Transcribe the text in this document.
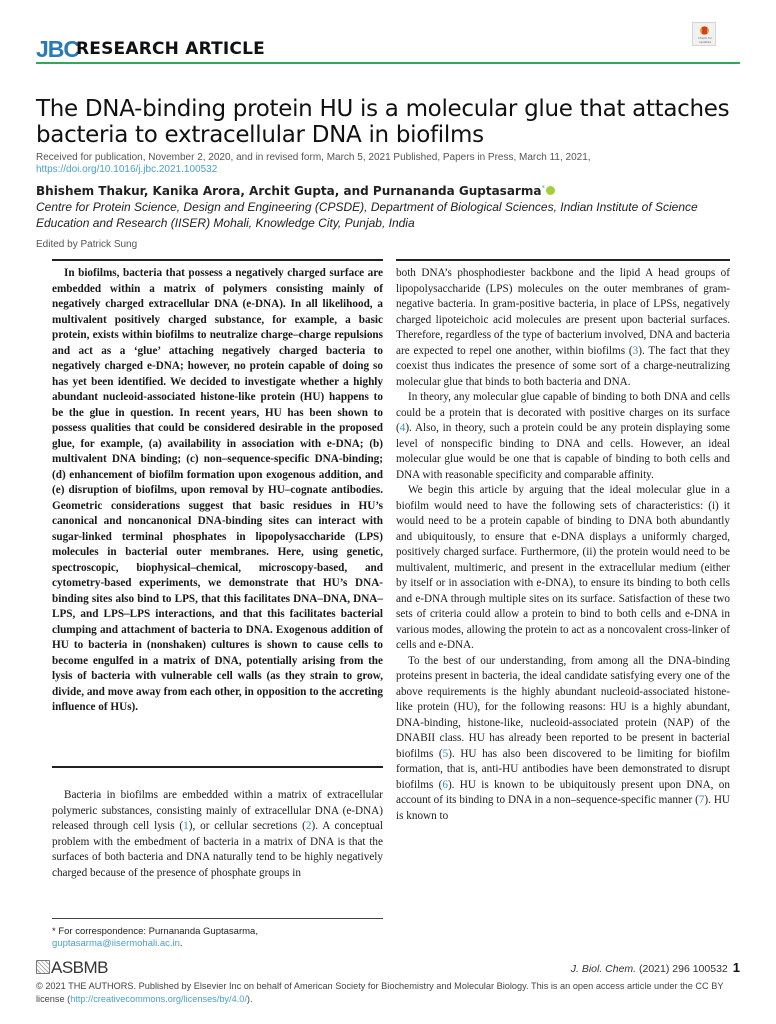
JBC
RESEARCH ARTICLE
Check for updates
The DNA-binding protein HU is a molecular glue that attaches bacteria to extracellular DNA in biofilms
Received for publication, November 2, 2020, and in revised form, March 5, 2021 Published, Papers in Press, March 11, 2021,
https://doi.org/10.1016/j.jbc.2021.100532
Bhishem Thakur, Kanika Arora, Archit Gupta, and Purnananda Guptasarma*
Centre for Protein Science, Design and Engineering (CPSDE), Department of Biological Sciences, Indian Institute of Science Education and Research (IISER) Mohali, Knowledge City, Punjab, India
Edited by Patrick Sung

In biofilms, bacteria that possess a negatively charged surface are embedded within a matrix of polymers consisting mainly of negatively charged extracellular DNA (e-DNA). In all likelihood, a multivalent positively charged substance, for example, a basic protein, exists within biofilms to neutralize charge–charge repulsions and act as a ‘glue’ attaching negatively charged bacteria to negatively charged e-DNA; however, no protein capable of doing so has yet been identified. We decided to investigate whether a highly abundant nucleoid-associated histone-like protein (HU) happens to be the glue in question. In recent years, HU has been shown to possess qualities that could be considered desirable in the proposed glue, for example, (a) availability in association with e-DNA; (b) multivalent DNA binding; (c) non–sequence-specific DNA-binding; (d) enhancement of biofilm formation upon exogenous addition, and (e) disruption of biofilms, upon removal by HU–cognate antibodies. Geometric considerations suggest that basic residues in HU’s canonical and noncanonical DNA-binding sites can interact with sugar-linked terminal phosphates in lipopolysaccharide (LPS) molecules in bacterial outer membranes. Here, using genetic, spectroscopic, biophysical–chemical, microscopy-based, and cytometry-based experiments, we demonstrate that HU’s DNA-binding sites also bind to LPS, that this facilitates DNA–DNA, DNA–LPS, and LPS–LPS interactions, and that this facilitates bacterial clumping and attachment of bacteria to DNA. Exogenous addition of HU to bacteria in (nonshaken) cultures is shown to cause cells to become engulfed in a matrix of DNA, potentially arising from the lysis of bacteria with vulnerable cell walls (as they strain to grow, divide, and move away from each other, in opposition to the accreting influence of HUs).

Bacteria in biofilms are embedded within a matrix of extracellular polymeric substances, consisting mainly of extracellular DNA (e-DNA) released through cell lysis (1), or cellular secretions (2). A conceptual problem with the embedment of bacteria in a matrix of DNA is that the surfaces of both bacteria and DNA naturally tend to be highly negatively charged because of the presence of phosphate groups in

* For correspondence: Purnananda Guptasarma, guptasarma@iisermohali.ac.in.

both DNA’s phosphodiester backbone and the lipid A head groups of lipopolysaccharide (LPS) molecules on the outer membranes of gram-negative bacteria. In gram-positive bacteria, in place of LPSs, negatively charged lipoteichoic acid molecules are present upon bacterial surfaces. Therefore, regardless of the type of bacterium involved, DNA and bacteria are expected to repel one another, within biofilms (3). The fact that they coexist thus indicates the presence of some sort of a charge-neutralizing molecular glue that binds to both bacteria and DNA.

In theory, any molecular glue capable of binding to both DNA and cells could be a protein that is decorated with positive charges on its surface (4). Also, in theory, such a protein could be any protein displaying some level of nonspecific binding to DNA and cells. However, an ideal molecular glue would be one that is capable of binding to both cells and DNA with reasonable specificity and comparable affinity.

We begin this article by arguing that the ideal molecular glue in a biofilm would need to have the following sets of characteristics: (i) it would need to be a protein capable of binding to DNA both abundantly and ubiquitously, to ensure that e-DNA displays a uniformly charged, positively charged surface. Furthermore, (ii) the protein would need to be multivalent, multimeric, and present in the extracellular medium (either by itself or in association with e-DNA), to ensure its binding to both cells and e-DNA through multiple sites on its surface. Satisfaction of these two sets of criteria could allow a protein to bind to both cells and e-DNA in various modes, allowing the protein to act as a noncovalent cross-linker of cells and e-DNA.

To the best of our understanding, from among all the DNA-binding proteins present in bacteria, the ideal candidate satisfying every one of the above requirements is the highly abundant nucleoid-associated histone-like protein (HU), for the following reasons: HU is a highly abundant, DNA-binding, histone-like, nucleoid-associated protein (NAP) of the DNABII class. HU has already been reported to be present in bacterial biofilms (5). HU has also been discovered to be limiting for biofilm formation, that is, anti-HU antibodies have been demonstrated to disrupt biofilms (6). HU is known to be ubiquitously present upon DNA, on account of its binding to DNA in a non–sequence-specific manner (7). HU is known to

ASBMB	J. Biol. Chem. (2021) 296 100532 1
© 2021 THE AUTHORS. Published by Elsevier Inc on behalf of American Society for Biochemistry and Molecular Biology. This is an open access article under the CC BY license (http://creativecommons.org/licenses/by/4.0/).
